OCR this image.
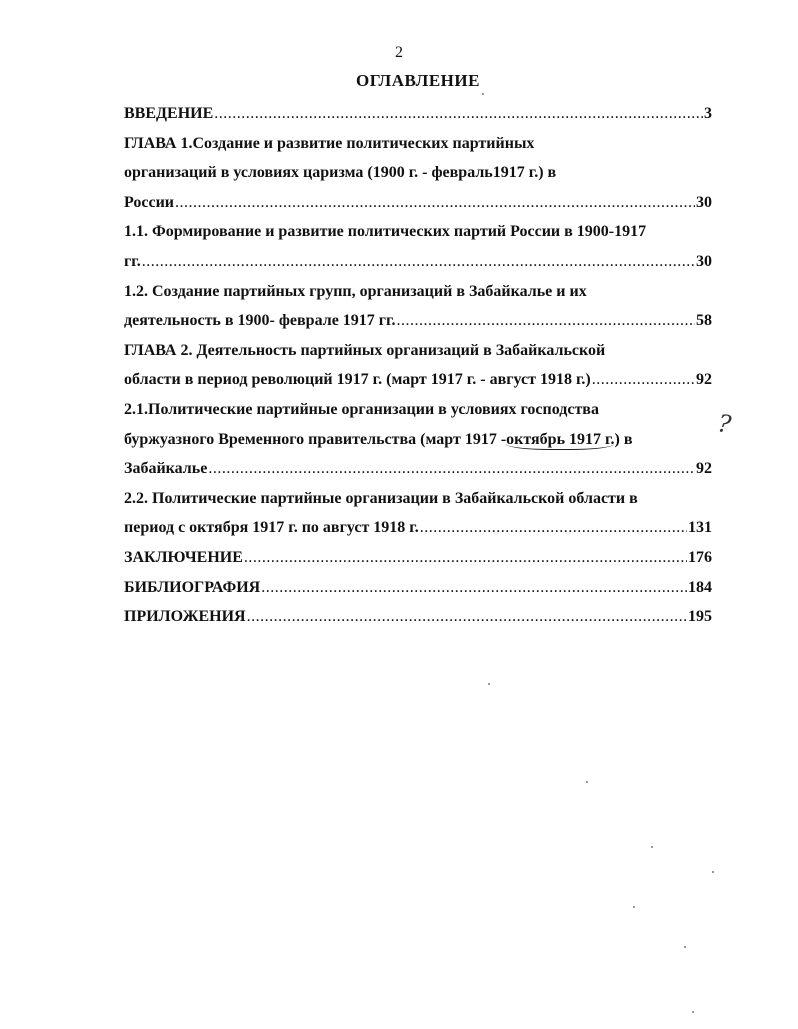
2
ОГЛАВЛЕНИЕ
ВВЕДЕНИЕ .....	3
ГЛАВА 1.Создание и развитие политических партийных
организаций в условиях царизма (1900 г. - февраль1917 г.) в
России .....	30
1.1. Формирование и развитие политических партий России в 1900-1917
гг. .....	30
1.2. Создание партийных групп, организаций в Забайкалье и их
деятельность в 1900- феврале 1917 гг. .....	58
ГЛАВА 2. Деятельность партийных организаций в Забайкальской
области в период революций 1917 г. (март 1917 г. - август 1918 г.) .....	92
2.1.Политические партийные организации в условиях господства
буржуазного Временного правительства (март 1917 -октябрь 1917 г.) в
Забайкалье .....	92
2.2. Политические партийные организации в Забайкальской области в
период с октября 1917 г. по август 1918 г. .....	131
ЗАКЛЮЧЕНИЕ .....	176
БИБЛИОГРАФИЯ .....	184
ПРИЛОЖЕНИЯ .....	195
?
